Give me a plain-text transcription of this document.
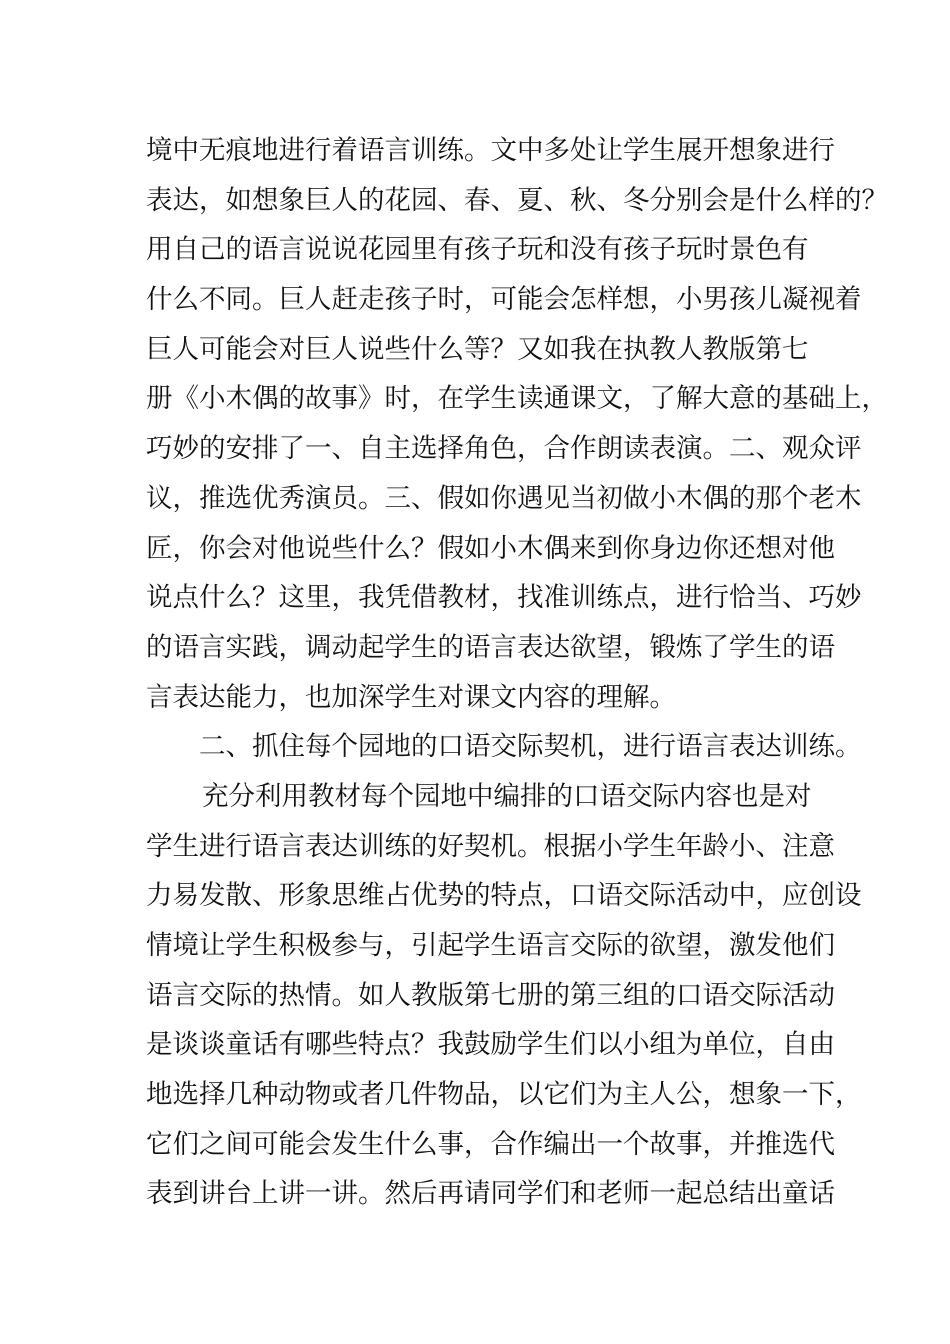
境中无痕地进行着语言训练。文中多处让学生展开想象进行
表达，如想象巨人的花园、春、夏、秋、冬分别会是什么样的？
用自己的语言说说花园里有孩子玩和没有孩子玩时景色有
什么不同。巨人赶走孩子时，可能会怎样想，小男孩儿凝视着
巨人可能会对巨人说些什么等？又如我在执教人教版第七
册《小木偶的故事》时，在学生读通课文，了解大意的基础上，
巧妙的安排了一、自主选择角色，合作朗读表演。二、观众评
议，推选优秀演员。三、假如你遇见当初做小木偶的那个老木
匠，你会对他说些什么？假如小木偶来到你身边你还想对他
说点什么？这里，我凭借教材，找准训练点，进行恰当、巧妙
的语言实践，调动起学生的语言表达欲望，锻炼了学生的语
言表达能力，也加深学生对课文内容的理解。
二、抓住每个园地的口语交际契机，进行语言表达训练。
充分利用教材每个园地中编排的口语交际内容也是对
学生进行语言表达训练的好契机。根据小学生年龄小、注意
力易发散、形象思维占优势的特点，口语交际活动中，应创设
情境让学生积极参与，引起学生语言交际的欲望，激发他们
语言交际的热情。如人教版第七册的第三组的口语交际活动
是谈谈童话有哪些特点？我鼓励学生们以小组为单位，自由
地选择几种动物或者几件物品，以它们为主人公，想象一下，
它们之间可能会发生什么事，合作编出一个故事，并推选代
表到讲台上讲一讲。然后再请同学们和老师一起总结出童话
